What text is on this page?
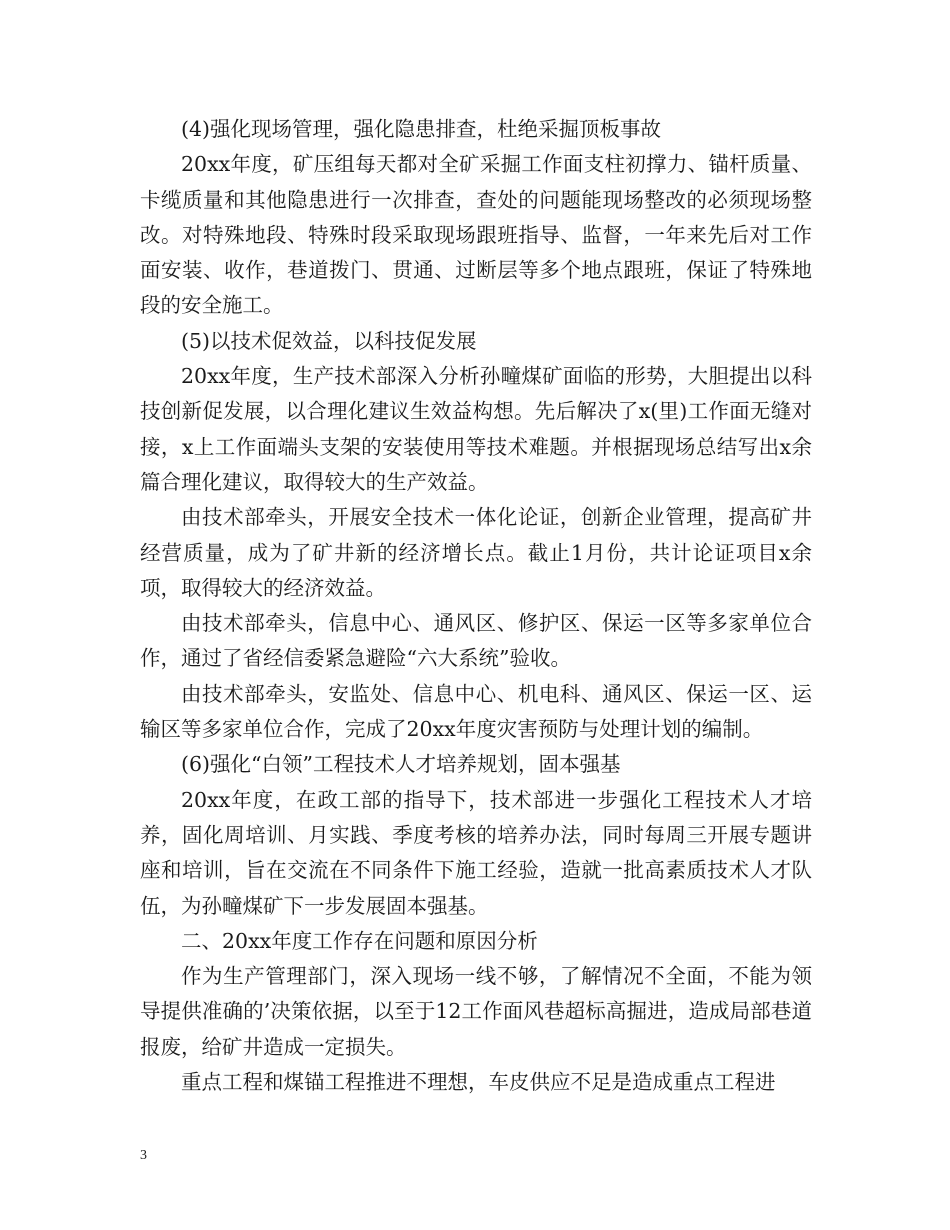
(4)强化现场管理，强化隐患排查，杜绝采掘顶板事故

20xx年度，矿压组每天都对全矿采掘工作面支柱初撑力、锚杆质量、卡缆质量和其他隐患进行一次排查，查处的问题能现场整改的必须现场整改。对特殊地段、特殊时段采取现场跟班指导、监督，一年来先后对工作面安装、收作，巷道拨门、贯通、过断层等多个地点跟班，保证了特殊地段的安全施工。

(5)以技术促效益，以科技促发展

20xx年度，生产技术部深入分析孙疃煤矿面临的形势，大胆提出以科技创新促发展，以合理化建议生效益构想。先后解决了x(里)工作面无缝对接，x上工作面端头支架的安装使用等技术难题。并根据现场总结写出x余篇合理化建议，取得较大的生产效益。

由技术部牵头，开展安全技术一体化论证，创新企业管理，提高矿井经营质量，成为了矿井新的经济增长点。截止1月份，共计论证项目x余项，取得较大的经济效益。

由技术部牵头，信息中心、通风区、修护区、保运一区等多家单位合作，通过了省经信委紧急避险“六大系统”验收。

由技术部牵头，安监处、信息中心、机电科、通风区、保运一区、运输区等多家单位合作，完成了20xx年度灾害预防与处理计划的编制。

(6)强化“白领”工程技术人才培养规划，固本强基

20xx年度，在政工部的指导下，技术部进一步强化工程技术人才培养，固化周培训、月实践、季度考核的培养办法，同时每周三开展专题讲座和培训，旨在交流在不同条件下施工经验，造就一批高素质技术人才队伍，为孙疃煤矿下一步发展固本强基。

二、20xx年度工作存在问题和原因分析

作为生产管理部门，深入现场一线不够，了解情况不全面，不能为领导提供准确的’决策依据，以至于12工作面风巷超标高掘进，造成局部巷道报废，给矿井造成一定损失。

重点工程和煤锚工程推进不理想，车皮供应不足是造成重点工程进

3
